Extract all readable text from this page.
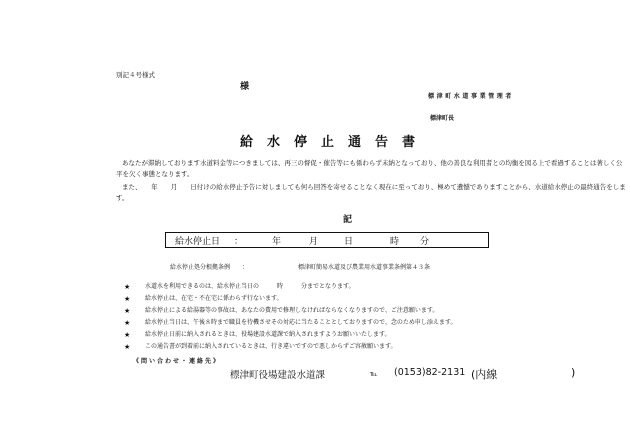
別記４号様式
様
標津町水道事業管理者
標津町長
給水停止通告書
あなたが滞納しております水道料金等につきましては、再三の督促・催告等にも係わらず未納となっており、他の善良な利用者との均衡を図る上で看過することは著しく公平を欠く事態となります。
また、　　年　　月　　日付けの給水停止予告に対しましても何ら回答を寄せることなく現在に至っており、極めて遺憾でありますことから、水道給水停止の最終通告をします。
記
給水停止日 ：	年	月	日	時 分
給水停止処分根拠条例　　 ：	標津町簡易水道及び農業用水道事業条例第４３条
★ 水道水を利用できるのは、給水停止当日の　　　時　　　分までとなります。
★ 給水停止は、在宅・不在宅に係わらず行ないます。
★ 給水停止による給湯器等の事故は、あなたの費用で修理しなければならなくなりますので、ご注意願います。
★ 給水停止当日は、午後８時まで職員を待機させその対応に当たることとしておりますので、念のため申し添えます。
★ 給水停止日前に納入されるときは、役場建設水道課で納入されますようお願いいたします。
★ この通告書が到着前に納入されているときは、行き違いですので悪しからずご容赦願います。
《問い合わせ・連絡先》
標津町役場建設水道課	℡ (0153)82-2131 (内線	)
